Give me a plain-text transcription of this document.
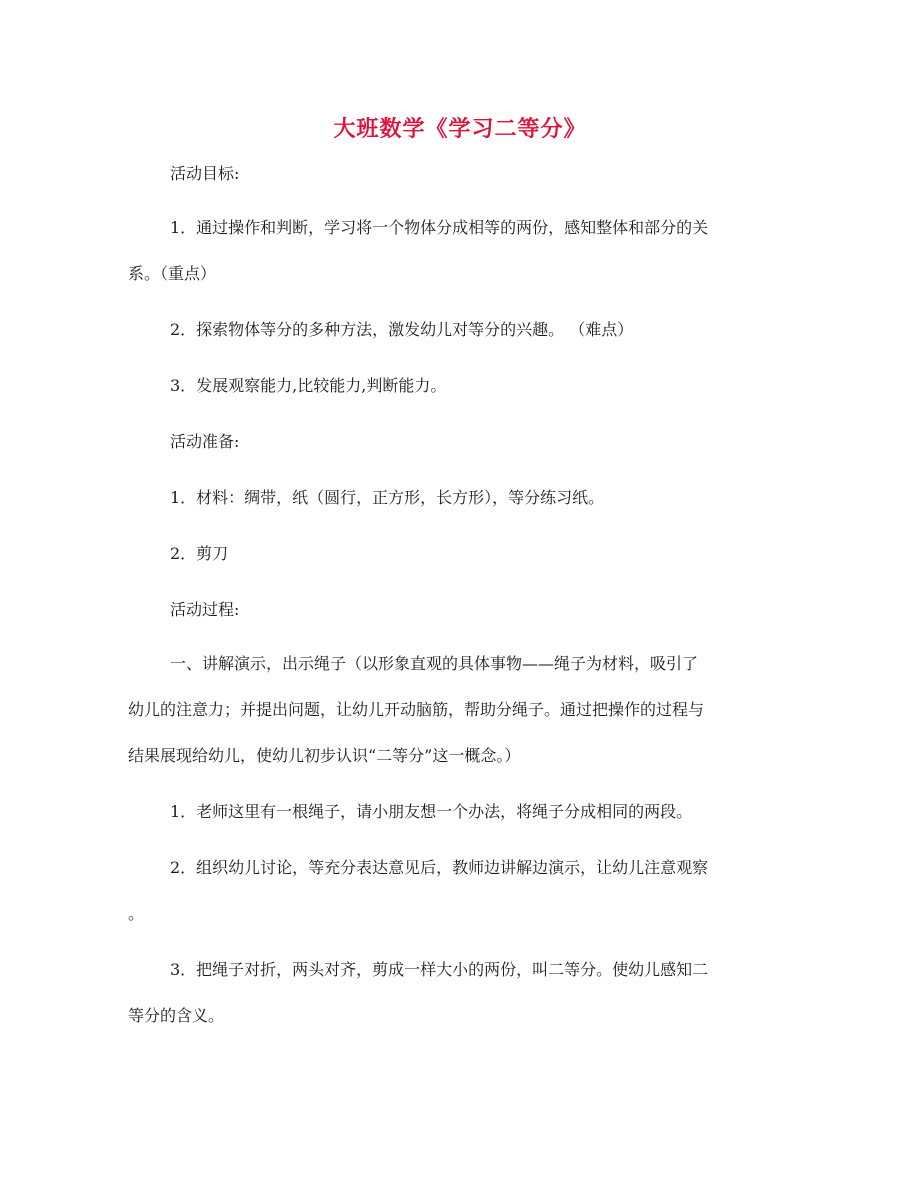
大班数学《学习二等分》
活动目标:
1．通过操作和判断，学习将一个物体分成相等的两份，感知整体和部分的关
系。（重点）
2．探索物体等分的多种方法，激发幼儿对等分的兴趣。 （难点）
3．发展观察能力,比较能力,判断能力。
活动准备:
1．材料：绸带，纸（圆行，正方形，长方形），等分练习纸。
2．剪刀
活动过程:
一、讲解演示，出示绳子（以形象直观的具体事物——绳子为材料，吸引了
幼儿的注意力；并提出问题，让幼儿开动脑筋，帮助分绳子。通过把操作的过程与
结果展现给幼儿，使幼儿初步认识“二等分”这一概念。）
1．老师这里有一根绳子，请小朋友想一个办法，将绳子分成相同的两段。
2．组织幼儿讨论，等充分表达意见后，教师边讲解边演示，让幼儿注意观察
。
3．把绳子对折，两头对齐，剪成一样大小的两份，叫二等分。使幼儿感知二
等分的含义。
